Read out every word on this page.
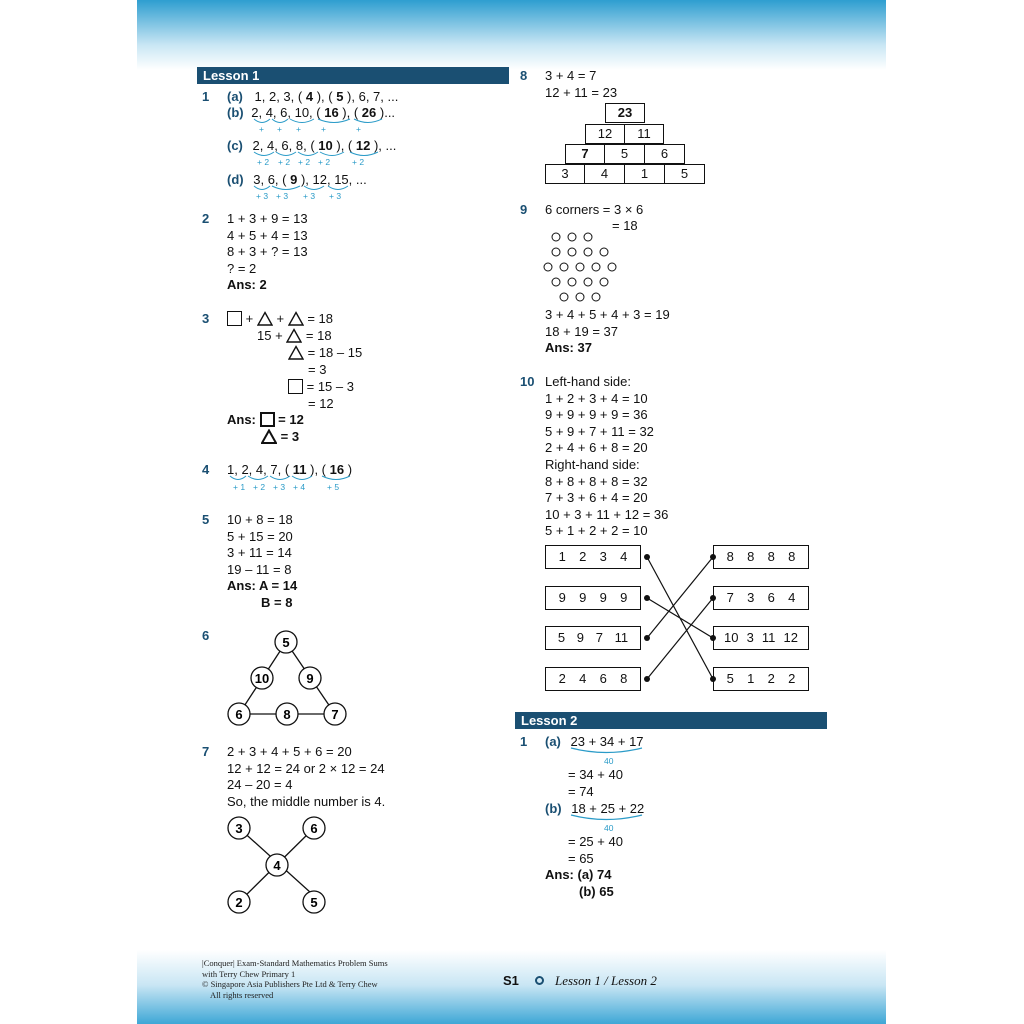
Lesson 1
1 (a) 1, 2, 3, ( 4 ), ( 5 ), 6, 7, ...
(b) 2, 4, 6, 10, ( 16 ), ( 26 )...
+ + + +	+
(c) 2, 4, 6, 8, ( 10 ), ( 12 ), ...
+ 2 + 2 + 2 + 2	+ 2
(d) 3, 6, ( 9 ), 12, 15, ...
+ 3 + 3 + 3 + 3
2 1 + 3 + 9 = 13
4 + 5 + 4 = 13
8 + 3 + ? = 13
? = 2
Ans: 2
3	+ + = 18
15 + = 18
= 18 – 15
= 3
= 15 – 3
= 12
Ans: = 12
= 3
4 1, 2, 4, 7, ( 11 ), ( 16 )
+ 1 + 2 + 3 + 4	+ 5
5 10 + 8 = 18
5 + 15 = 20
3 + 11 = 14
19 – 11 = 8
Ans: A = 14
B = 8
6	5
10	9
6	8	7
7 2 + 3 + 4 + 5 + 6 = 20
12 + 12 = 24 or 2 × 12 = 24
24 – 20 = 4
So, the middle number is 4.
3	6
4
2	5
8 3 + 4 = 7
12 + 11 = 23
23
12	11
7	5	6
3	4	1	5
9 6 corners = 3 × 6
= 18
3 + 4 + 5 + 4 + 3 = 19
18 + 19 = 37
Ans: 37
10 Left-hand side:
1 + 2 + 3 + 4 = 10
9 + 9 + 9 + 9 = 36
5 + 9 + 7 + 11 = 32
2 + 4 + 6 + 8 = 20
Right-hand side:
8 + 8 + 8 + 8 = 32
7 + 3 + 6 + 4 = 20
10 + 3 + 11 + 12 = 36
5 + 1 + 2 + 2 = 10
1 2 3 4
9 9 9 9
5 9 7 11
2 4 6 8
8 8 8 8
7 3 6 4
10 3 11 12
5 1 2 2
Lesson 2
1 (a) 23 + 34 + 17
40
= 34 + 40
= 74
(b) 18 + 25 + 22
40
= 25 + 40
= 65
Ans: (a) 74
(b) 65
|Conquer| Exam-Standard Mathematics Problem Sums
with Terry Chew Primary 1
© Singapore Asia Publishers Pte Ltd & Terry Chew
All rights reserved
S1	Lesson 1 / Lesson 2
